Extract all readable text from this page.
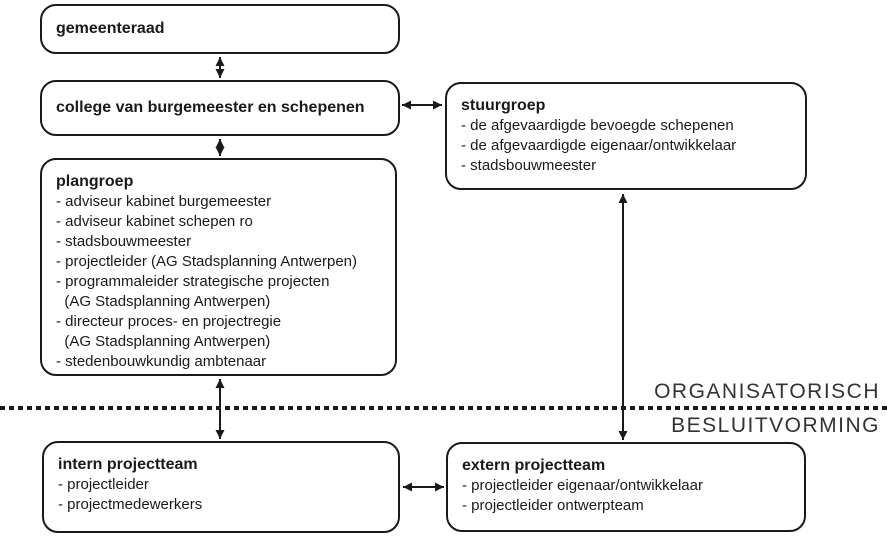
ORGANISATORISCH
BESLUITVORMING
gemeenteraad
college van burgemeester en schepenen	stuurgroep
- de afgevaardigde bevoegde schepenen
- de afgevaardigde eigenaar/ontwikkelaar
- stadsbouwmeester
plangroep
- adviseur kabinet burgemeester
- adviseur kabinet schepen ro
- stadsbouwmeester
- projectleider (AG Stadsplanning Antwerpen)
- programmaleider strategische projecten
(AG Stadsplanning Antwerpen)
- directeur proces- en projectregie
(AG Stadsplanning Antwerpen)
- stedenbouwkundig ambtenaar
intern projectteam
- projectleider
- projectmedewerkers
extern projectteam
- projectleider eigenaar/ontwikkelaar
- projectleider ontwerpteam
